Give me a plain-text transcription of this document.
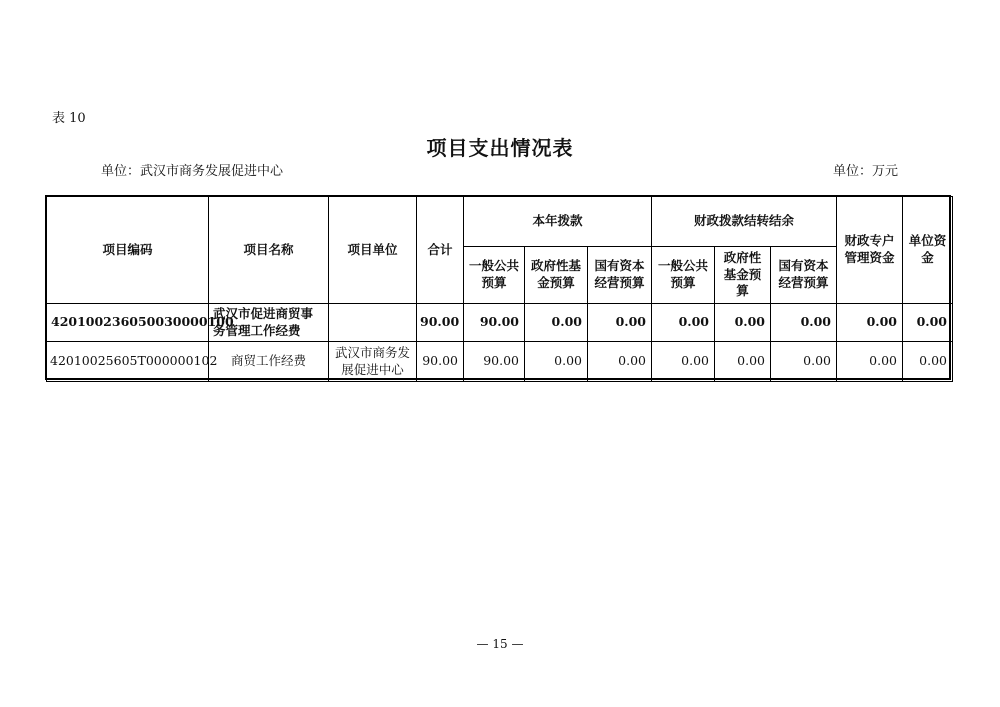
表 10
项目支出情况表
单位：武汉市商务发展促进中心	单位：万元
项目编码	项目名称	项目单位	合计	本年拨款			财政拨款结转结余			财政专户管理资金	单位资金
				一般公共预算	政府性基金预算	国有资本经营预算	一般公共预算	政府性基金预算	国有资本经营预算		
420100236050030000100	武汉市促进商贸事务管理工作经费		90.00	90.00	0.00	0.00	0.00	0.00	0.00	0.00	0.00
42010025605T000000102	商贸工作经费	武汉市商务发展促进中心	90.00	90.00	0.00	0.00	0.00	0.00	0.00	0.00	0.00
— 15 —
